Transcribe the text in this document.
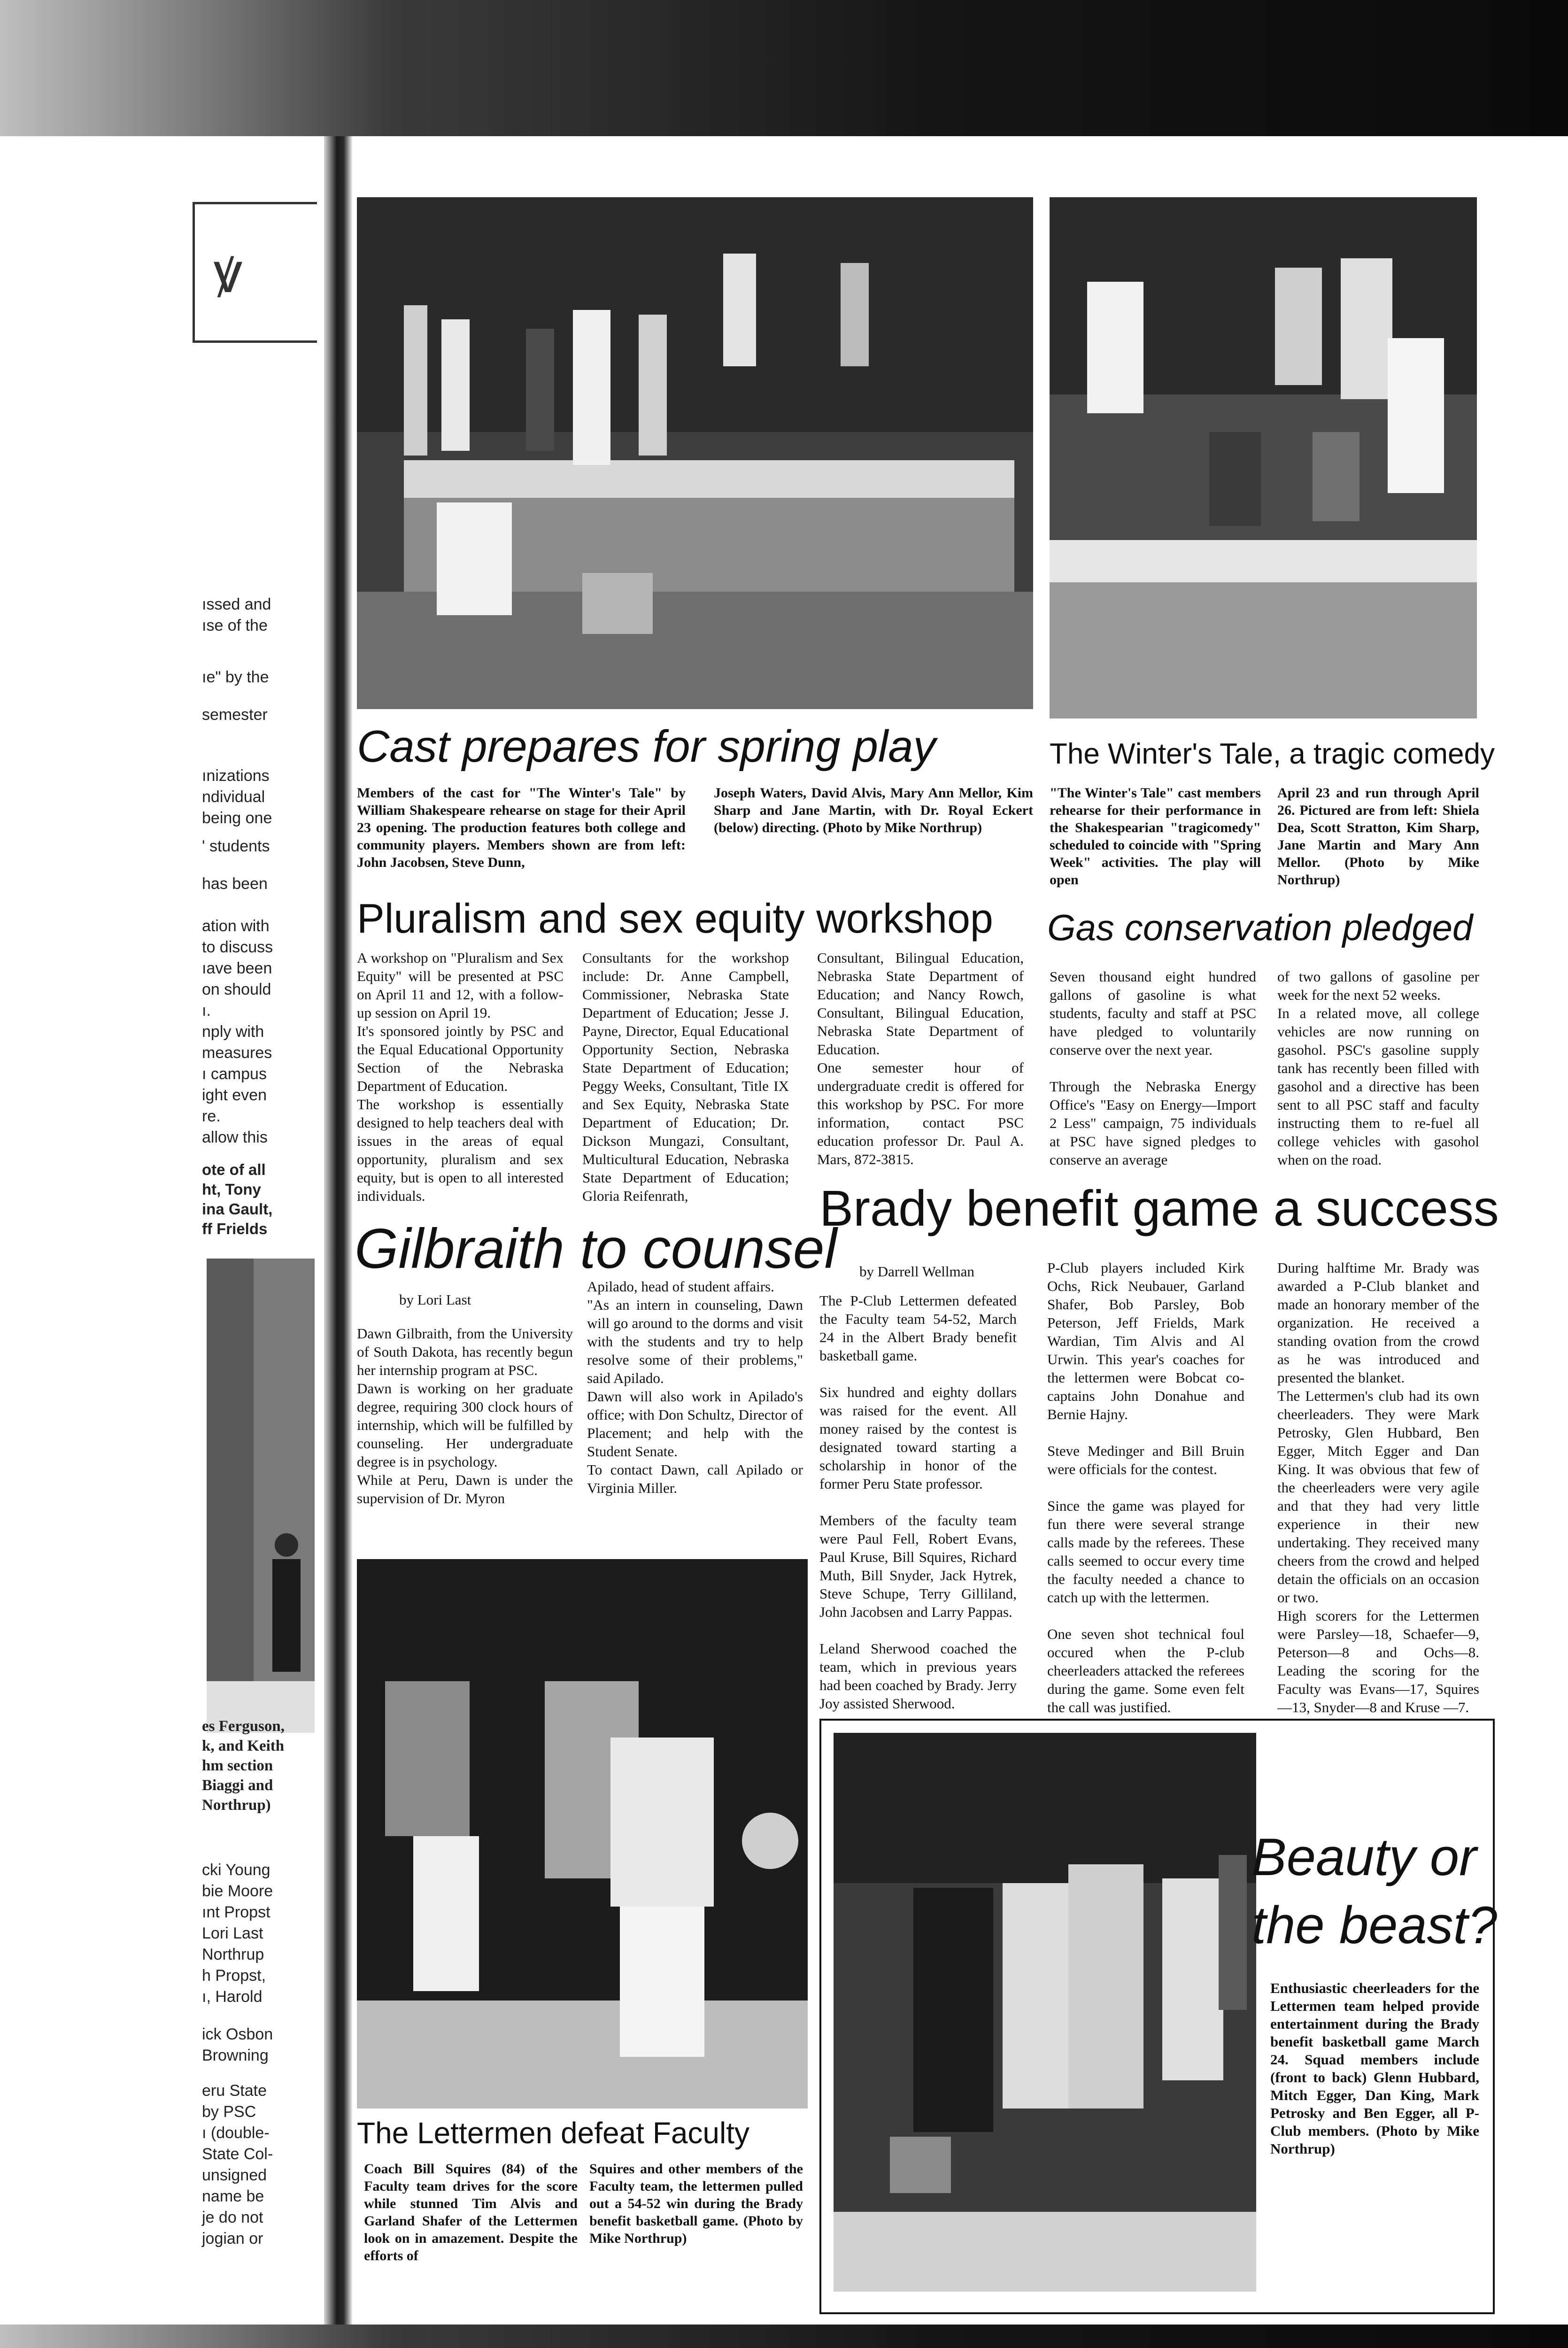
ꝟ
ıssed and
ıse of the
ıe" by the
semester
ınizations
ndividual
being one
' students
has been
ation with
to discuss
ıave been
on should
ı.
nply with
measures
ı campus
ight even
re.
allow this
ote of all
ht, Tony
ina Gault,
ff Frields
es Ferguson,
k, and Keith
hm section
Biaggi and
Northrup)
cki Young
bie Moore
ınt Propst
Lori Last
Northrup
h Propst,
ı, Harold
ick Osbon
Browning
eru State
by PSC
ı (double-
State Col-
unsigned
name be
je do not
jogian or
Cast prepares for spring play	The Winter's Tale, a tragic comedy
Members of the cast for "The Winter's Tale" by William Shakespeare rehearse on stage for their April 23 opening. The production features both college and community players. Members shown are from left: John Jacobsen, Steve Dunn,
Joseph Waters, David Alvis, Mary Ann Mellor, Kim Sharp and Jane Martin, with Dr. Royal Eckert (below) directing. (Photo by Mike Northrup)
"The Winter's Tale" cast members rehearse for their performance in the Shakespearian "tragicomedy" scheduled to coincide with "Spring Week" activities. The play will open
April 23 and run through April 26. Pictured are from left: Shiela Dea, Scott Stratton, Kim Sharp, Jane Martin and Mary Ann Mellor. (Photo by Mike Northrup)
Pluralism and sex equity workshop
A workshop on "Pluralism and Sex Equity" will be presented at PSC on April 11 and 12, with a follow-up session on April 19.
It's sponsored jointly by PSC and the Equal Educational Opportunity Section of the Nebraska Department of Education.
The workshop is essentially designed to help teachers deal with issues in the areas of equal opportunity, pluralism and sex equity, but is open to all interested individuals.
Consultants for the workshop include: Dr. Anne Campbell, Commissioner, Nebraska State Department of Education; Jesse J. Payne, Director, Equal Educational Opportunity Section, Nebraska State Department of Education; Peggy Weeks, Consultant, Title IX and Sex Equity, Nebraska State Department of Education; Dr. Dickson Mungazi, Consultant, Multicultural Education, Nebraska State Department of Education; Gloria Reifenrath,
Consultant, Bilingual Education, Nebraska State Department of Education; and Nancy Rowch, Consultant, Bilingual Education, Nebraska State Department of Education.
One semester hour of undergraduate credit is offered for this workshop by PSC. For more information, contact PSC education professor Dr. Paul A. Mars, 872-3815.
Gas conservation pledged
Seven thousand eight hundred gallons of gasoline is what students, faculty and staff at PSC have pledged to voluntarily conserve over the next year.

Through the Nebraska Energy Office's "Easy on Energy—Import 2 Less" campaign, 75 individuals at PSC have signed pledges to conserve an average
of two gallons of gasoline per week for the next 52 weeks.
In a related move, all college vehicles are now running on gasohol. PSC's gasoline supply tank has recently been filled with gasohol and a directive has been sent to all PSC staff and faculty instructing them to re-fuel all college vehicles with gasohol when on the road.
Gilbraith to counsel
by Lori Last
Dawn Gilbraith, from the University of South Dakota, has recently begun her internship program at PSC.
Dawn is working on her graduate degree, requiring 300 clock hours of internship, which will be fulfilled by counseling. Her undergraduate degree is in psychology.
While at Peru, Dawn is under the supervision of Dr. Myron
Apilado, head of student affairs.
"As an intern in counseling, Dawn will go around to the dorms and visit with the students and try to help resolve some of their problems," said Apilado.
Dawn will also work in Apilado's office; with Don Schultz, Director of Placement; and help with the Student Senate.
To contact Dawn, call Apilado or Virginia Miller.
Brady benefit game a success
by Darrell Wellman
The P-Club Lettermen defeated the Faculty team 54-52, March 24 in the Albert Brady benefit basketball game.

Six hundred and eighty dollars was raised for the event. All money raised by the contest is designated toward starting a scholarship in honor of the former Peru State professor.

Members of the faculty team were Paul Fell, Robert Evans, Paul Kruse, Bill Squires, Richard Muth, Bill Snyder, Jack Hytrek, Steve Schupe, Terry Gilliland, John Jacobsen and Larry Pappas.

Leland Sherwood coached the team, which in previous years had been coached by Brady. Jerry Joy assisted Sherwood.
P-Club players included Kirk Ochs, Rick Neubauer, Garland Shafer, Bob Parsley, Bob Peterson, Jeff Frields, Mark Wardian, Tim Alvis and Al Urwin. This year's coaches for the lettermen were Bobcat co-captains John Donahue and Bernie Hajny.

Steve Medinger and Bill Bruin were officials for the contest.

Since the game was played for fun there were several strange calls made by the referees. These calls seemed to occur every time the faculty needed a chance to catch up with the lettermen.

One seven shot technical foul occured when the P-club cheerleaders attacked the referees during the game. Some even felt the call was justified.
During halftime Mr. Brady was awarded a P-Club blanket and made an honorary member of the organization. He received a standing ovation from the crowd as he was introduced and presented the blanket.
The Lettermen's club had its own cheerleaders. They were Mark Petrosky, Glen Hubbard, Ben Egger, Mitch Egger and Dan King. It was obvious that few of the cheerleaders were very agile and that they had very little experience in their new undertaking. They received many cheers from the crowd and helped detain the officials on an occasion or two.
High scorers for the Lettermen were Parsley—18, Schaefer—9, Peterson—8 and Ochs—8. Leading the scoring for the Faculty was Evans—17, Squires—13, Snyder—8 and Kruse —7.
The Lettermen defeat Faculty
Coach Bill Squires (84) of the Faculty team drives for the score while stunned Tim Alvis and Garland Shafer of the Lettermen look on in amazement. Despite the efforts of
Squires and other members of the Faculty team, the lettermen pulled out a 54-52 win during the Brady benefit basketball game. (Photo by Mike Northrup)
Beauty or
the beast?
Enthusiastic cheerleaders for the Lettermen team helped provide entertainment during the Brady benefit basketball game March 24. Squad members include (front to back) Glenn Hubbard, Mitch Egger, Dan King, Mark Petrosky and Ben Egger, all P-Club members. (Photo by Mike Northrup)
